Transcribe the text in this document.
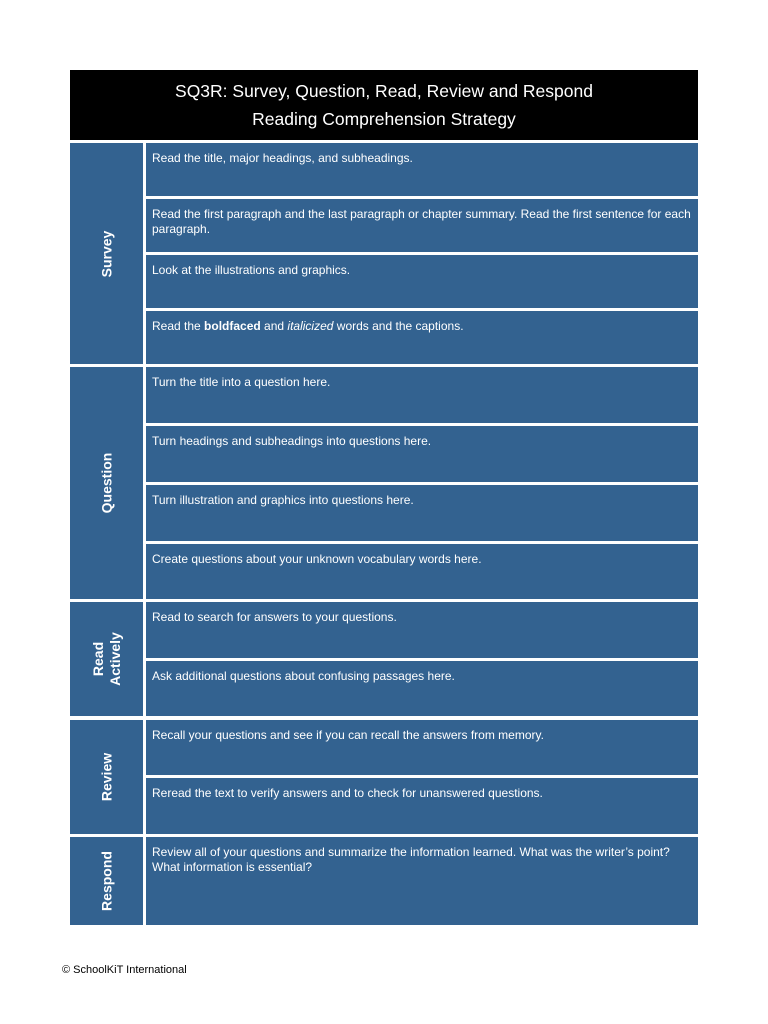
SQ3R: Survey, Question, Read, Review and Respond
Reading Comprehension Strategy
Survey
Read the title, major headings, and subheadings.
Read the first paragraph and the last paragraph or chapter summary. Read the first sentence for each paragraph.
Look at the illustrations and graphics.
Read the boldfaced and italicized words and the captions.
Question
Turn the title into a question here.
Turn headings and subheadings into questions here.
Turn illustration and graphics into questions here.
Create questions about your unknown vocabulary words here.
Read
Actively
Read to search for answers to your questions.
Ask additional questions about confusing passages here.
Review
Recall your questions and see if you can recall the answers from memory.
Reread the text to verify answers and to check for unanswered questions.
Respond	Review all of your questions and summarize the information learned. What was the writer’s point? What information is essential?
© SchoolKiT International
